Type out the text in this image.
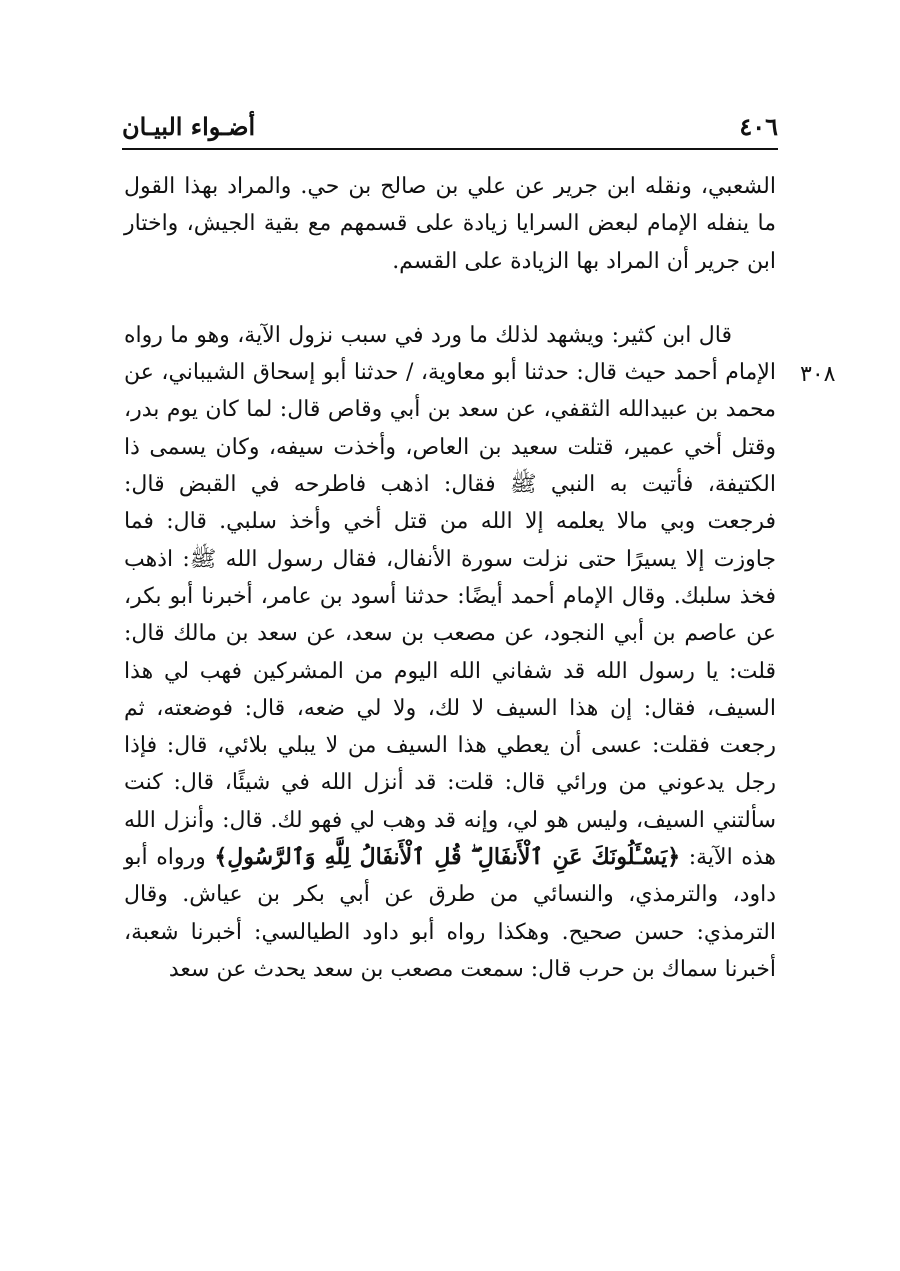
٤٠٦
أضـواء البيـان
٣٠٨

الشعبي، ونقله ابن جرير عن علي بن صالح بن حي. والمراد بهذا القول ما ينفله الإمام لبعض السرايا زيادة على قسمهم مع بقية الجيش، واختار ابن جرير أن المراد بها الزيادة على القسم.

قال ابن كثير: ويشهد لذلك ما ورد في سبب نزول الآية، وهو ما رواه الإمام أحمد حيث قال: حدثنا أبو معاوية، / حدثنا أبو إسحاق الشيباني، عن محمد بن عبيدالله الثقفي، عن سعد بن أبي وقاص قال: لما كان يوم بدر، وقتل أخي عمير، قتلت سعيد بن العاص، وأخذت سيفه، وكان يسمى ذا الكتيفة، فأتيت به النبي ﷺ فقال: اذهب فاطرحه في القبض قال: فرجعت وبي مالا يعلمه إلا الله من قتل أخي وأخذ سلبي. قال: فما جاوزت إلا يسيرًا حتى نزلت سورة الأنفال، فقال رسول الله ﷺ: اذهب فخذ سلبك. وقال الإمام أحمد أيضًا: حدثنا أسود بن عامر، أخبرنا أبو بكر، عن عاصم بن أبي النجود، عن مصعب بن سعد، عن سعد بن مالك قال: قلت: يا رسول الله قد شفاني الله اليوم من المشركين فهب لي هذا السيف، فقال: إن هذا السيف لا لك، ولا لي ضعه، قال: فوضعته، ثم رجعت فقلت: عسى أن يعطي هذا السيف من لا يبلي بلائي، قال: فإذا رجل يدعوني من ورائي قال: قلت: قد أنزل الله في شيئًا، قال: كنت سألتني السيف، وليس هو لي، وإنه قد وهب لي فهو لك. قال: وأنزل الله هذه الآية: ﴿يَسْـَٔلُونَكَ عَنِ ٱلْأَنفَالِ ۖ قُلِ ٱلْأَنفَالُ لِلَّهِ وَٱلرَّسُولِ﴾ ورواه أبو داود، والترمذي، والنسائي من طرق عن أبي بكر بن عياش. وقال الترمذي: حسن صحيح. وهكذا رواه أبو داود الطيالسي: أخبرنا شعبة، أخبرنا سماك بن حرب قال: سمعت مصعب بن سعد يحدث عن سعد
